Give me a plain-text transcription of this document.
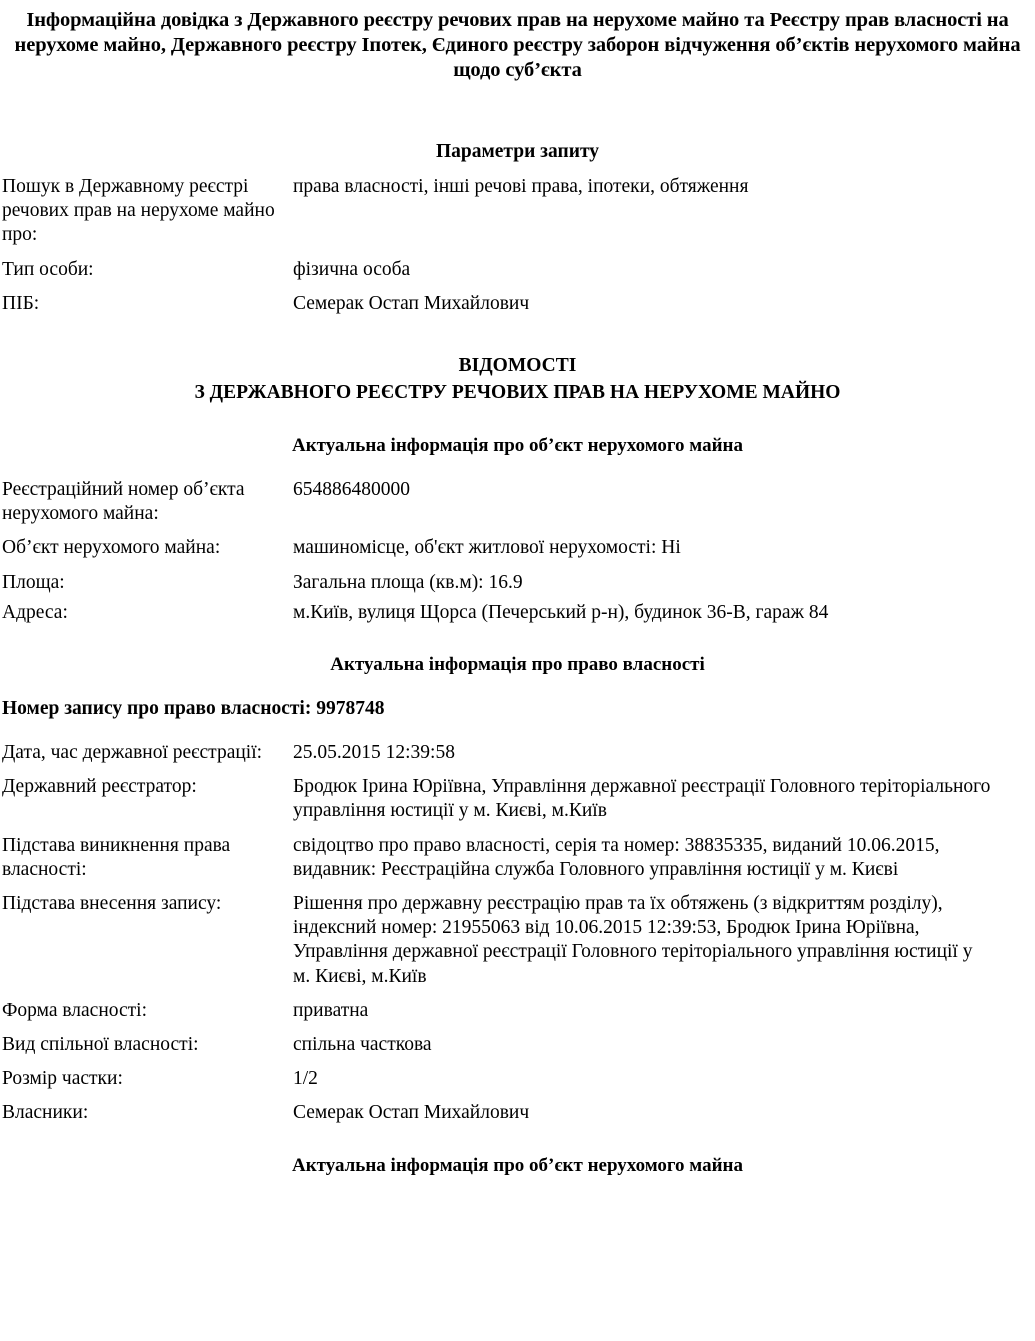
Інформаційна довідка з Державного реєстру речових прав на нерухоме майно та Реєстру прав власності на нерухоме майно, Державного реєстру Іпотек, Єдиного реєстру заборон відчуження об’єктів нерухомого майна щодо суб’єкта
Параметри запиту
Пошук в Державному реєстрі речових прав на нерухоме майно про:
права власності, інші речові права, іпотеки, обтяження
Тип особи:	фізична особа
ПІБ:	Семерак Остап Михайлович
ВІДОМОСТІ
З ДЕРЖАВНОГО РЕЄСТРУ РЕЧОВИХ ПРАВ НА НЕРУХОМЕ МАЙНО
Актуальна інформація про об’єкт нерухомого майна
Реєстраційний номер об’єкта нерухомого майна:
654886480000
Об’єкт нерухомого майна:	машиномісце, об'єкт житлової нерухомості: Ні
Площа:	Загальна площа (кв.м): 16.9
Адреса:	м.Київ, вулиця Щорса (Печерський р-н), будинок 36-В, гараж 84
Актуальна інформація про право власності
Номер запису про право власності: 9978748
Дата, час державної реєстрації:	25.05.2015 12:39:58
Державний реєстратор:	Бродюк Ірина Юріївна, Управління державної реєстрації Головного теріторіального управління юстиції у м. Києві, м.Київ
Підстава виникнення права власності:
свідоцтво про право власності, серія та номер: 38835335, виданий 10.06.2015, видавник: Реєстраційна служба Головного управління юстиції у м. Києві
Підстава внесення запису:	Рішення про державну реєстрацію прав та їх обтяжень (з відкриттям розділу), індексний номер: 21955063 від 10.06.2015 12:39:53, Бродюк Ірина Юріївна, Управління державної реєстрації Головного теріторіального управління юстиції у м. Києві, м.Київ
Форма власності:	приватна
Вид спільної власності:	спільна часткова
Розмір частки:	1/2
Власники:	Семерак Остап Михайлович
Актуальна інформація про об’єкт нерухомого майна
